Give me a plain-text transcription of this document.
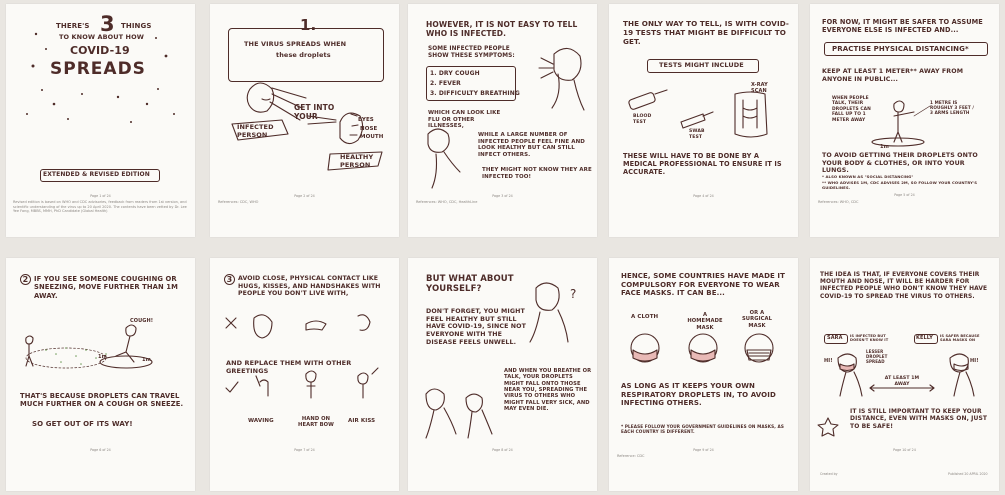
THERE'S 3 THINGS
TO KNOW ABOUT HOW
COVID-19
SPREADS
EXTENDED & REVISED EDITION
Page 1 of 24
Revised edition is based on WHO and CDC advisories, feedback from readers from 1st version, and scientific understanding of the virus up to 20 April 2020. The contents have been vetted by Dr. Lee Yee Fong, MBBS, MMH, PhD Candidate (Global Health)
1.
THE VIRUS SPREADS WHEN
these droplets
GET INTO YOUR	EYES
NOSE
MOUTH
INFECTED PERSON
HEALTHY PERSON
Page 2 of 24
References: CDC, WHO
HOWEVER, IT IS NOT EASY TO TELL WHO IS INFECTED.
SOME INFECTED PEOPLE SHOW THESE SYMPTOMS:
1. DRY COUGH
2. FEVER
3. DIFFICULTY BREATHING
WHICH CAN LOOK LIKE FLU OR OTHER ILLNESSES,
WHILE A LARGE NUMBER OF INFECTED PEOPLE FEEL FINE AND LOOK HEALTHY BUT CAN STILL INFECT OTHERS.
THEY MIGHT NOT KNOW THEY ARE INFECTED TOO!
Page 3 of 24
References: WHO, CDC, HealthLine
THE ONLY WAY TO TELL, IS WITH COVID-19 TESTS THAT MIGHT BE DIFFICULT TO GET.
TESTS MIGHT INCLUDE
BLOOD TEST
SWAB TEST
X-RAY SCAN
THESE WILL HAVE TO BE DONE BY A MEDICAL PROFESSIONAL TO ENSURE IT IS ACCURATE.
Page 4 of 24
FOR NOW, IT MIGHT BE SAFER TO ASSUME EVERYONE ELSE IS INFECTED AND...
PRACTISE PHYSICAL DISTANCING*
KEEP AT LEAST 1 METER** AWAY FROM ANYONE IN PUBLIC...
WHEN PEOPLE TALK, THEIR DROPLETS CAN FALL UP TO 1 METER AWAY
1 METRE IS ROUGHLY 3 FEET / 3 ARMS LENGTH
1m
TO AVOID GETTING THEIR DROPLETS ONTO YOUR BODY & CLOTHES, OR INTO YOUR LUNGS.
* ALSO KNOWN AS "SOCIAL DISTANCING"
** WHO ADVISES 1M, CDC ADVISES 2M, SO FOLLOW YOUR COUNTRY'S GUIDELINES.
Page 5 of 24
References: WHO, CDC
2 IF YOU SEE SOMEONE COUGHING OR SNEEZING, MOVE FURTHER THAN 1M AWAY.
COUGH!
1m	1m
THAT'S BECAUSE DROPLETS CAN TRAVEL MUCH FURTHER ON A COUGH OR SNEEZE.
SO GET OUT OF ITS WAY!
Page 6 of 24
3 AVOID CLOSE, PHYSICAL CONTACT LIKE HUGS, KISSES, AND HANDSHAKES WITH PEOPLE YOU DON'T LIVE WITH,
AND REPLACE THEM WITH OTHER GREETINGS
WAVING	HAND ON HEART BOW
AIR KISS
Page 7 of 24
BUT WHAT ABOUT YOURSELF?
DON'T FORGET, YOU MIGHT FEEL HEALTHY BUT STILL HAVE COVID-19, SINCE NOT EVERYONE WITH THE DISEASE FEELS UNWELL.
?
AND WHEN YOU BREATHE OR TALK, YOUR DROPLETS MIGHT FALL ONTO THOSE NEAR YOU, SPREADING THE VIRUS TO OTHERS WHO MIGHT FALL VERY SICK, AND MAY EVEN DIE.
Page 8 of 24
HENCE, SOME COUNTRIES HAVE MADE IT COMPULSORY FOR EVERYONE TO WEAR FACE MASKS. IT CAN BE...
A CLOTH	A HOMEMADE MASK
OR A SURGICAL MASK
AS LONG AS IT KEEPS YOUR OWN RESPIRATORY DROPLETS IN, TO AVOID INFECTING OTHERS.
* PLEASE FOLLOW YOUR GOVERNMENT GUIDELINES ON MASKS, AS EACH COUNTRY IS DIFFERENT.
Page 9 of 24
Reference: CDC
THE IDEA IS THAT, IF EVERYONE COVERS THEIR MOUTH AND NOSE, IT WILL BE HARDER FOR INFECTED PEOPLE WHO DON'T KNOW THEY HAVE COVID-19 TO SPREAD THE VIRUS TO OTHERS.
SARA IS INFECTED BUT DOESN'T KNOW IT	KELLY IS SAFER BECAUSE SARA MASKS ON
LESSER DROPLET SPREAD
HI!	HI!
AT LEAST 1M AWAY
IT IS STILL IMPORTANT TO KEEP YOUR DISTANCE, EVEN WITH MASKS ON, JUST TO BE SAFE!
Page 10 of 24
Created by	Published 20 APRIL 2020
